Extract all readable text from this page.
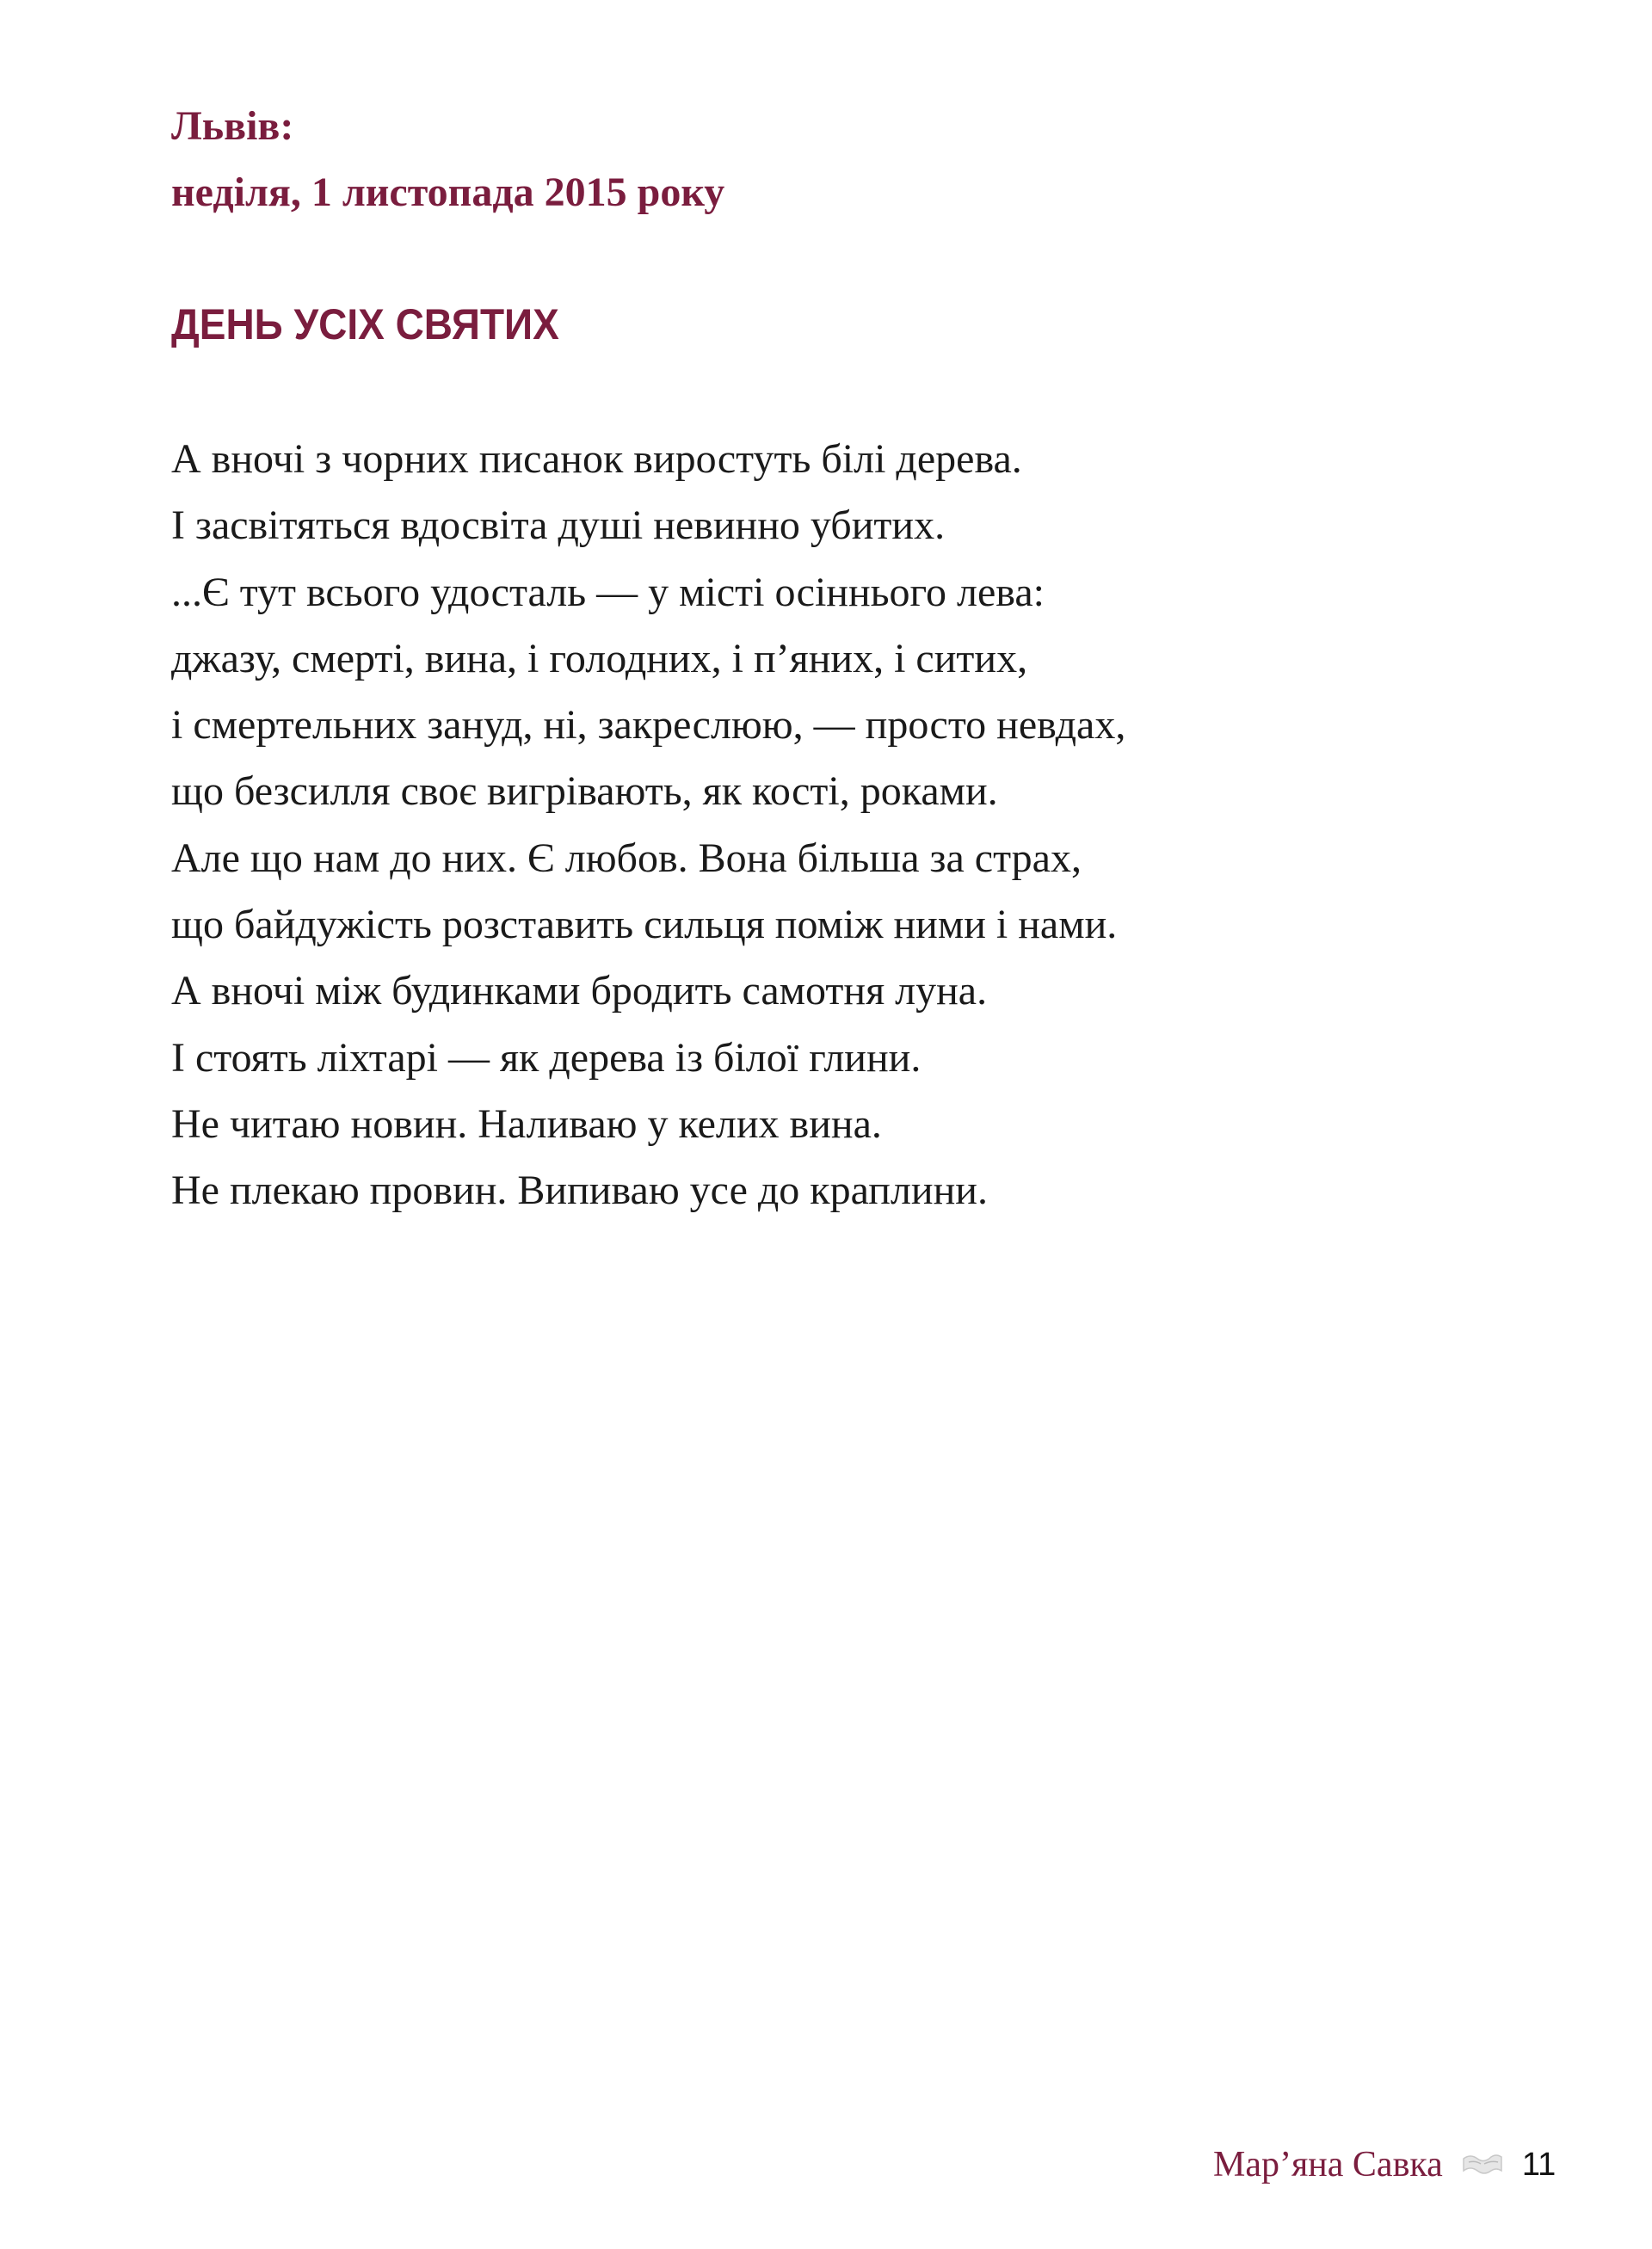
Львів:
неділя, 1 листопада 2015 року
ДЕНЬ УСІХ СВЯТИХ
А вночі з чорних писанок виростуть білі дерева.
І засвітяться вдосвіта душі невинно убитих.
...Є тут всього удосталь — у місті осіннього лева:
джазу, смерті, вина, і голодних, і п’яних, і ситих,
і смертельних зануд, ні, закреслюю, — просто невдах,
що безсилля своє вигрівають, як кості, роками.
Але що нам до них. Є любов. Вона більша за страх,
що байдужість розставить сильця поміж ними і нами.
А вночі між будинками бродить самотня луна.
І стоять ліхтарі — як дерева із білої глини.
Не читаю новин. Наливаю у келих вина.
Не плекаю провин. Випиваю усе до краплини.
Мар’яна Савка 11
